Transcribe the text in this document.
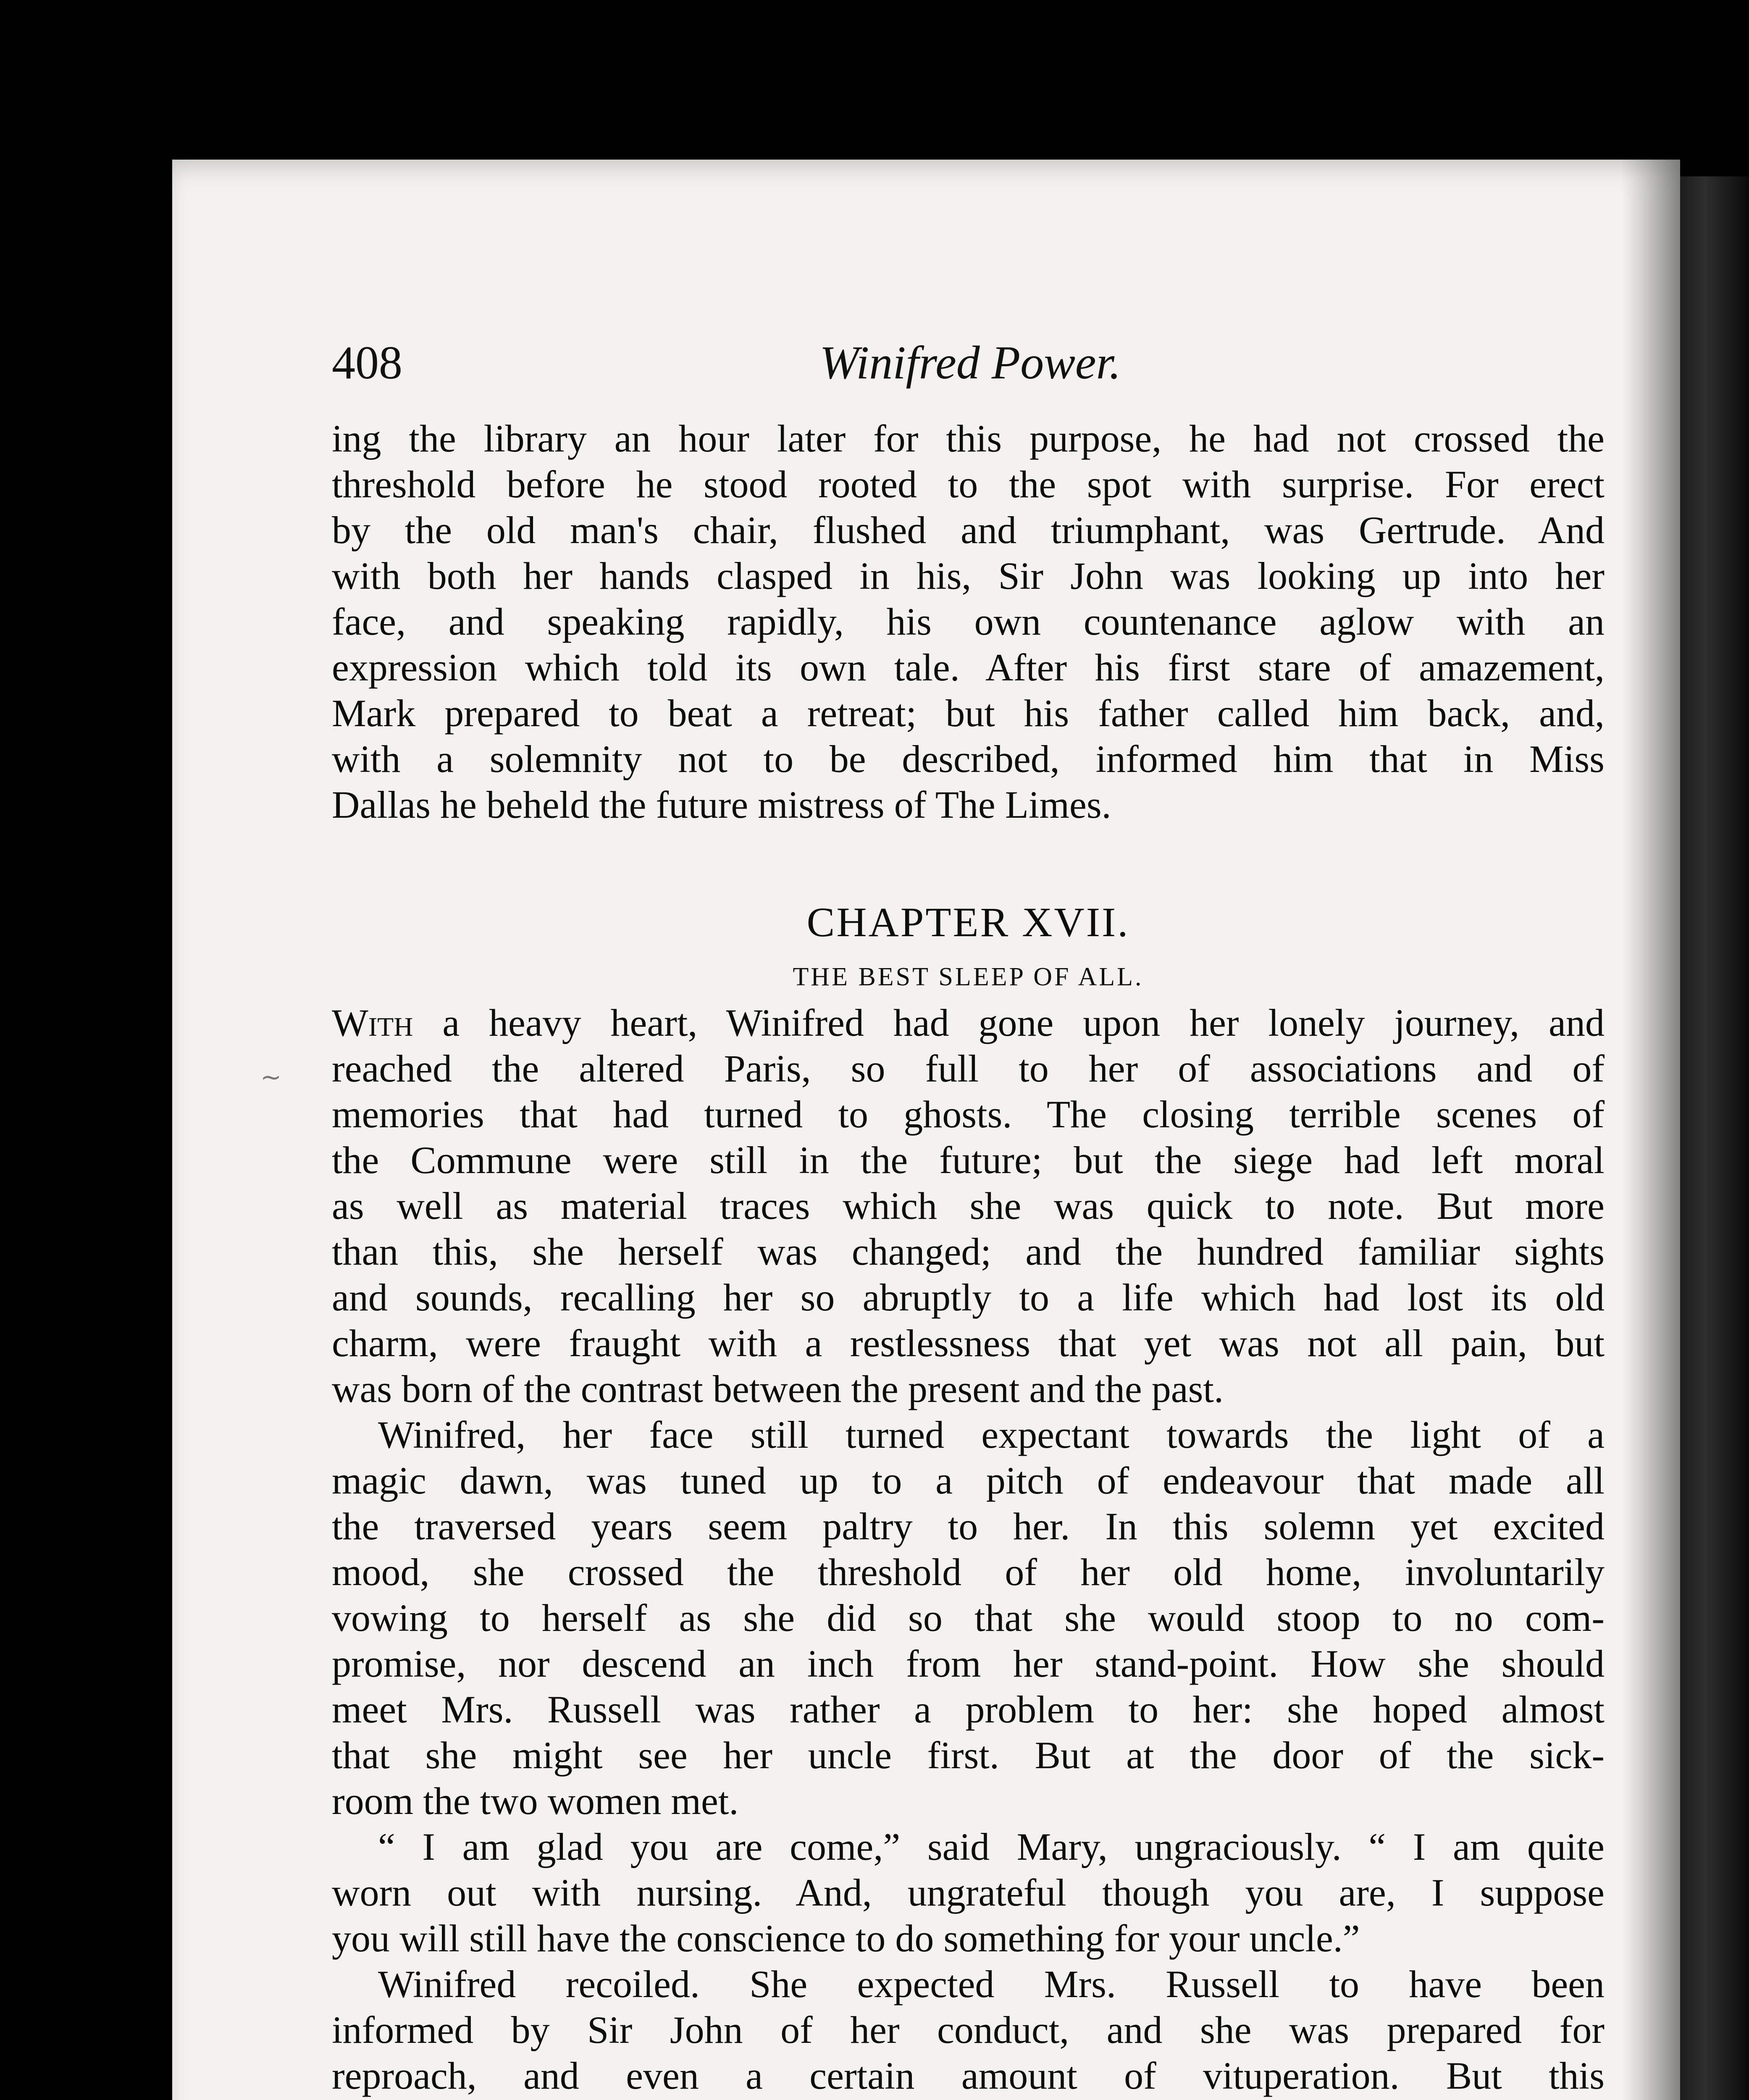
408	Winifred Power.
ing the library an hour later for this purpose, he had not crossed the
threshold before he stood rooted to the spot with surprise. For erect
by the old man's chair, flushed and triumphant, was Gertrude. And
with both her hands clasped in his, Sir John was looking up into her
face, and speaking rapidly, his own countenance aglow with an
expression which told its own tale. After his first stare of amazement,
Mark prepared to beat a retreat; but his father called him back, and,
with a solemnity not to be described, informed him that in Miss
Dallas he beheld the future mistress of The Limes.
CHAPTER XVII.
THE BEST SLEEP OF ALL.
With a heavy heart, Winifred had gone upon her lonely journey, and
reached the altered Paris, so full to her of associations and of
memories that had turned to ghosts. The closing terrible scenes of
the Commune were still in the future; but the siege had left moral
as well as material traces which she was quick to note. But more
than this, she herself was changed; and the hundred familiar sights
and sounds, recalling her so abruptly to a life which had lost its old
charm, were fraught with a restlessness that yet was not all pain, but
was born of the contrast between the present and the past.
Winifred, her face still turned expectant towards the light of a
magic dawn, was tuned up to a pitch of endeavour that made all
the traversed years seem paltry to her. In this solemn yet excited
mood, she crossed the threshold of her old home, involuntarily
vowing to herself as she did so that she would stoop to no com-
promise, nor descend an inch from her stand-point. How she should
meet Mrs. Russell was rather a problem to her: she hoped almost
that she might see her uncle first. But at the door of the sick-
room the two women met.
“ I am glad you are come,” said Mary, ungraciously. “ I am quite
worn out with nursing. And, ungrateful though you are, I suppose
you will still have the conscience to do something for your uncle.”
Winifred recoiled. She expected Mrs. Russell to have been
informed by Sir John of her conduct, and she was prepared for
reproach, and even a certain amount of vituperation. But this
~
